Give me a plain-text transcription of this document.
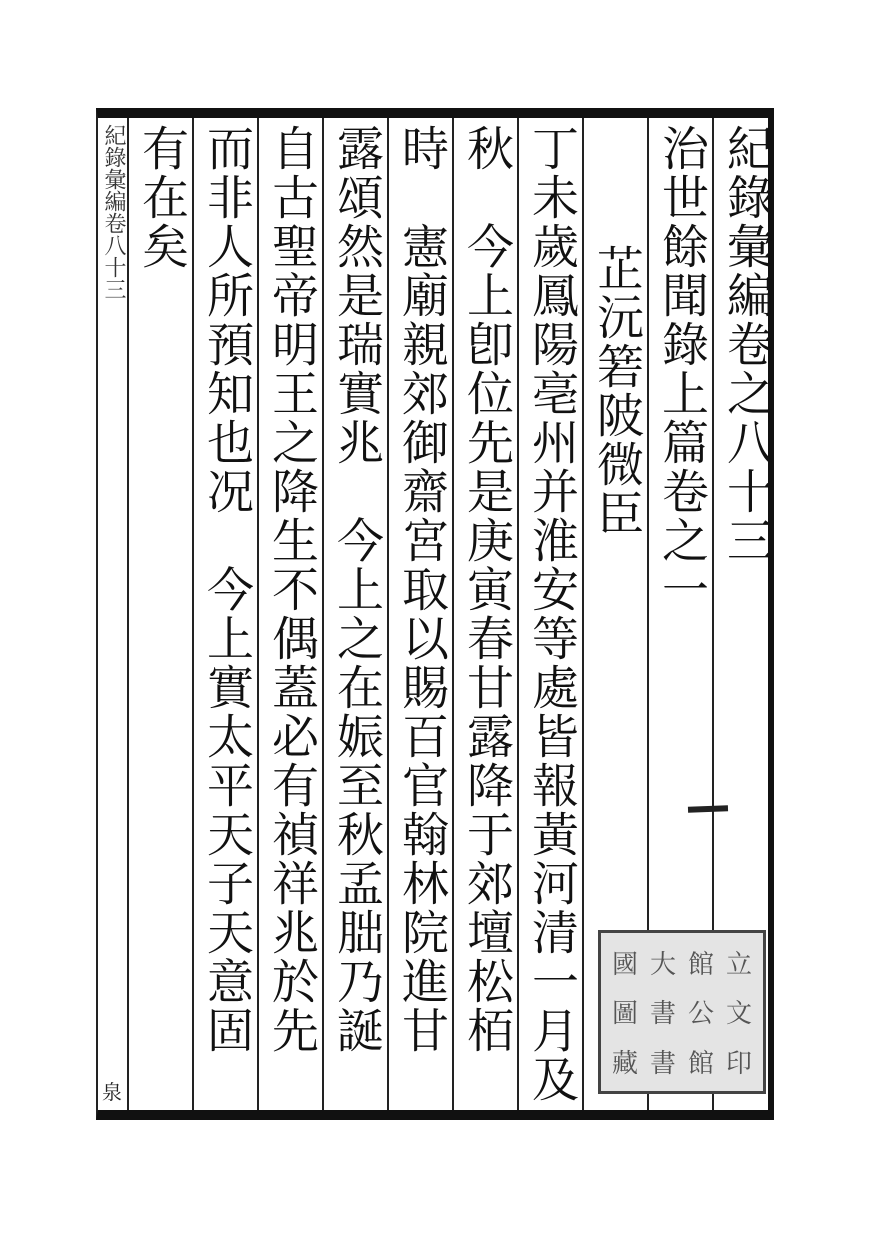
紀錄彙編卷之八十三
治世餘聞錄上篇卷之一
芷沅箬陂微臣
丁未歲鳳陽亳州并淮安等處皆報黃河清一月及
秋　今上卽位先是庚寅春甘露降于郊壇松栢
時　憲廟親郊御齋宮取以賜百官翰林院進甘
露頌然是瑞實兆　今上之在娠至秋孟朏乃誕
自古聖帝明王之降生不偶蓋必有禎祥兆於先
而非人所預知也况　今上實太平天子天意固
有在矣
紀錄彙編卷八十三
泉
國 大 館 立
圖 書 公 文
藏 書 館 印
